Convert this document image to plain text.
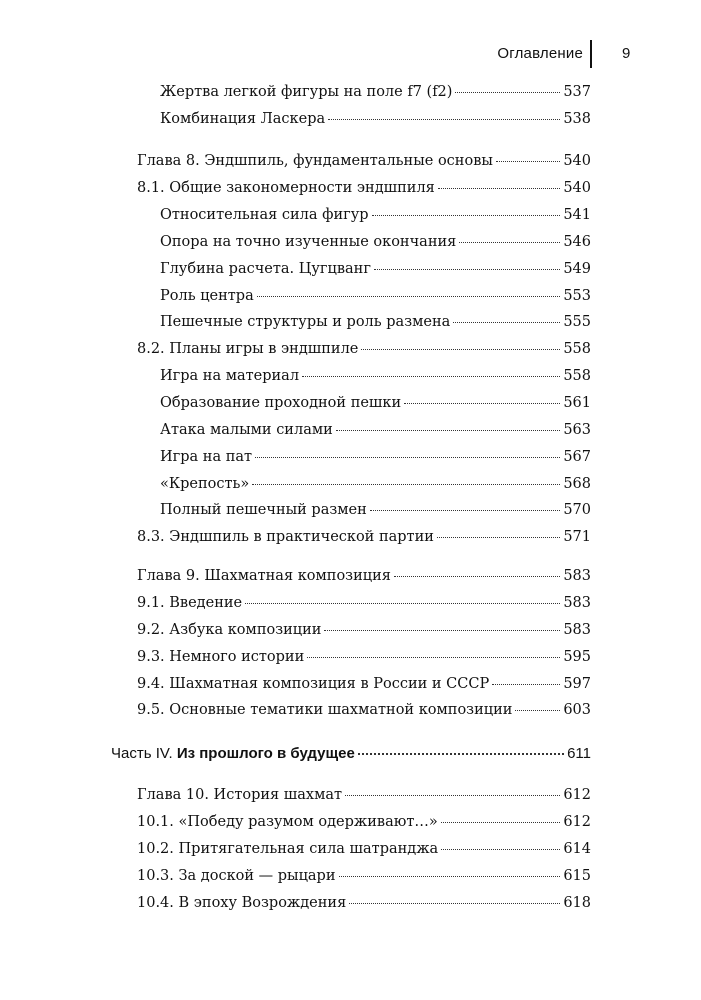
Оглавление	9
Жертва легкой фигуры на поле f7 (f2)	537
Комбинация Ласкера	538
Глава 8. Эндшпиль, фундаментальные основы	540
8.1. Общие закономерности эндшпиля	540
Относительная сила фигур	541
Опора на точно изученные окончания	546
Глубина расчета. Цугцванг	549
Роль центра	553
Пешечные структуры и роль размена	555
8.2. Планы игры в эндшпиле	558
Игра на материал	558
Образование проходной пешки	561
Атака малыми силами	563
Игра на пат	567
«Крепость»	568
Полный пешечный размен	570
8.3. Эндшпиль в практической партии	571
Глава 9. Шахматная композиция	583
9.1. Введение	583
9.2. Азбука композиции	583
9.3. Немного истории	595
9.4. Шахматная композиция в России и СССР	597
9.5. Основные тематики шахматной композиции	603
Часть IV. Из прошлого в будущее	611
Глава 10. История шахмат	612
10.1. «Победу разумом одерживают…»	612
10.2. Притягательная сила шатранджа	614
10.3. За доской — рыцари	615
10.4. В эпоху Возрождения	618
